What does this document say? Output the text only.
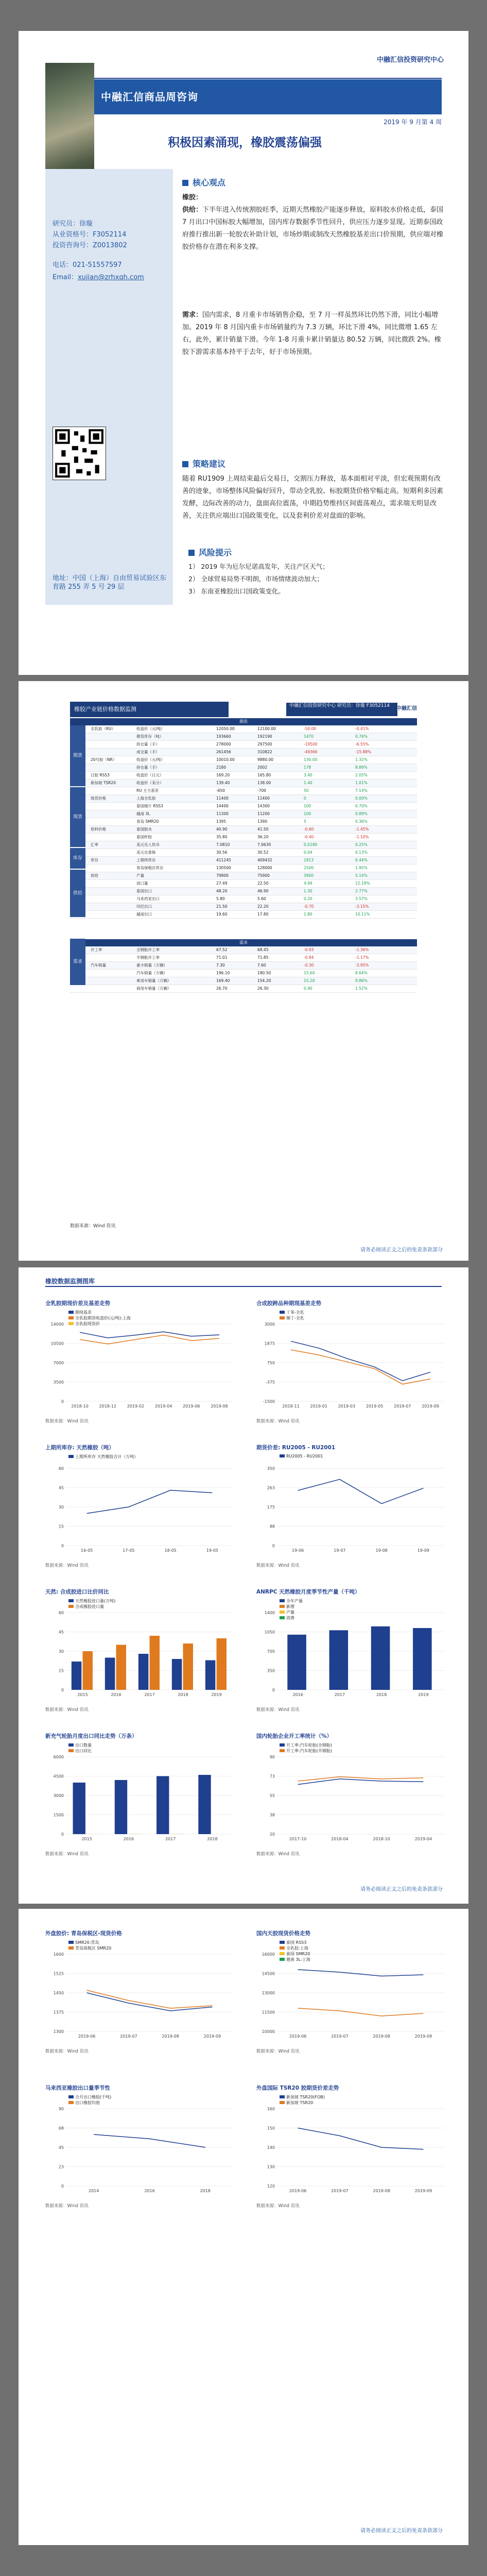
中融汇信投资研究中心
中融汇信商品周咨询
2019 年 9 月第 4 周
积极因素涌现，橡胶震荡偏强
研究员：徐璇
从业资格号：F3052114
投资咨询号：Z0013802
电话：021-51557597
Email：xujian@zrhxqh.com
地址：中国（上海）自由贸易试验区东育路 255 弄 5 号 29 层
核心观点
橡胶：
供给：下半年进入传统割胶旺季，近期天然橡胶产能逐步释放，原料胶水价格走低，泰国 7 月出口中国标胶大幅增加，国内库存数据季节性回升，供应压力逐步显现。近期泰国政府推行推出新一轮胶农补助计划，市场炒期或制改天然橡胶基差出口价预期，供应端对橡胶价格存在潜在利多支撑。
需求：国内需求，8 月重卡市场销售企稳，至 7 月一样虽然环比仍然下滑，同比小幅增加。2019 年 8 月国内重卡市场销量约为 7.3 万辆，环比下滑 4%，同比微增 1.65 左右，此外，累计销量下滑。今年 1-8 月重卡累计销量达 80.52 万辆，同比微跌 2%。橡胶下游需求基本持平于去年，好于市场预期。
策略建议
随着 RU1909 上周结束最后交易日，交割压力释放，基本面相对平淡，但宏观预期有改善的迹象，市场整体风险偏好回升，带动全乳胶、标胶期货价格窄幅走高。短期利多因素发酵，边际改善的动力，盘面高位震荡，中期趋势维持区间震荡观点，需求端无明显改善，关注供应端出口国政策变化，以及套利价差对盘面的影响。
风险提示
1） 2019 年为厄尔尼诺高发年，关注产区天气；
2） 全球贸易局势不明朗，市场情绪波动加大；
3） 东南亚橡胶出口国政策变化。
橡胶产业链价格数据监测	中融汇信投资研究中心 研究员：徐璇 F3052114	中融汇信
期货
全乳胶（RU）	收盘价（元/吨）	12050.00	12100.00	-50.00	-0.41%
期货库存（吨）	193660	192190	1470	0.76%
持仓量（手）	278000	297500	-19500	-6.55%
成交量（手）	261456	310822	-49366	-15.88%
20号胶（NR）	收盘价（元/吨）	10010.00	9880.00	130.00	1.32%
持仓量（手）	2180	2002	178	8.89%
日胶 RSS3	收盘价（日元）	169.20	165.80	3.40	2.05%
新加坡 TSR20	收盘价（美分）	139.40	138.00	1.40	1.01%
RU 主力基差	-650	-700	50	7.14%
现货价格	上海全乳胶	11400	11400	0	0.00%
泰国烟片 RSS3	14400	14300	100	0.70%
越南 3L	11300	11200	100	0.89%
青岛 SMR20	1395	1390	5	0.36%
原料价格	泰国胶水	40.90	41.50	-0.60	-1.45%
泰国杯胶	35.80	36.20	-0.40	-1.10%
汇率	美元兑人民币	7.0810	7.0630	0.0180	0.25%
美元兑泰铢	30.56	30.52	0.04	0.13%
库存	上期所库存	411245	409432	1813	0.44%
青岛保税区库存	130500	128000	2500	1.95%
供给	产量	79800	75900	3900	5.14%
进口量	27.49	22.50	4.99	22.18%
泰国出口	48.20	46.90	1.30	2.77%
马来西亚出口	5.80	5.60	0.20	3.57%
印尼出口	21.50	22.20	-0.70	-3.15%
越南出口	19.60	17.80	1.80	10.11%
需求
开工率	全钢胎开工率	67.52	68.45	-0.93	-1.36%
半钢胎开工率	71.01	71.85	-0.84	-1.17%
汽车销量	重卡销量（万辆）	7.30	7.60	-0.30	-3.95%
汽车销量（万辆）	196.10	180.50	15.60	8.64%
乘用车销量（万辆）	169.40	154.20	15.20	9.86%
商用车销量（万辆）	26.70	26.30	0.40	1.52%
数据来源：Wind 资讯
请务必阅读正文之后的免责条款部分
期货
现货
库存
供给
需求
橡胶数据监测图库
全乳胶期现价差及基差走势
0
3500
7000
10500
14000
2018-10	2018-12	2019-02	2019-04	2019-06	2019-08
期现基差
全乳胶期货收盘价(元/吨):上海
全乳胶现货价
数据来源：Wind 资讯
合成胶跨品种期现基差走势
-1500
-375
750
1875
3000
2018-11	2019-01	2019-03	2019-05	2019-07	2019-09
丁苯-全乳
顺丁-全乳
数据来源：Wind 资讯
上期所库存: 天然橡胶（吨）
0
15
30
45
60
16-05	17-05	18-05	19-05
上期所库存 天然橡胶合计（万吨）
数据来源：Wind 资讯
期货价差: RU2005 - RU2001
0
88
175
263
350
19-06	19-07	19-08	19-09
RU2005 - RU2001
数据来源：Wind 资讯
天然: 合成胶进口比价同比
0
15
30
45
60
2015	2016	2017	2018	2019
天然橡胶进口量(万吨)
合成橡胶进口量
数据来源：Wind 资讯
ANRPC 天然橡胶月度季节性产量（千吨）
0
350
700
1050
1400
2016	2017	2018	2019
全年产量
新增
产量
消费
数据来源：Wind 资讯
新充气轮胎月度出口同比走势（万条）
0
1500
3000
4500
6000
2015	2016	2017	2018
出口数量
出口同比
数据来源：Wind 资讯
国内轮胎企业开工率统计（%）
20
38
55
73
90
2017-10	2018-04	2018-10	2019-04
开工率:汽车轮胎(全钢胎)
开工率:汽车轮胎(半钢胎)
数据来源：Wind 资讯
请务必阅读正文之后的免责条款部分
外盘胶价: 青岛保税区-现货价格
1300
1375
1450
1525
1600
2019-06	2019-07	2019-08	2019-09
SMR20:青岛
青岛保税区 SMR20
数据来源：Wind 资讯
国内天胶现货价格走势
10000
11500
13000
14500
16000
2019-06	2019-07	2019-08	2019-09
泰国 RSS3
全乳胶:上海
泰国 SMR20
越南 3L:上海
数据来源：Wind 资讯
马来西亚橡胶出口量季节性
0
23
45
68
90
2014	2016	2018
合月出口橡胶(千吨)
出口橡胶均值
数据来源：Wind 资讯
外盘国际 TSR20 胶期货价差走势
120
130
140
150
160
2019-06	2019-07	2019-08	2019-09
新加坡 TSR20(FOB)
新加坡 TSR20
数据来源：Wind 资讯
请务必阅读正文之后的免责条款部分
